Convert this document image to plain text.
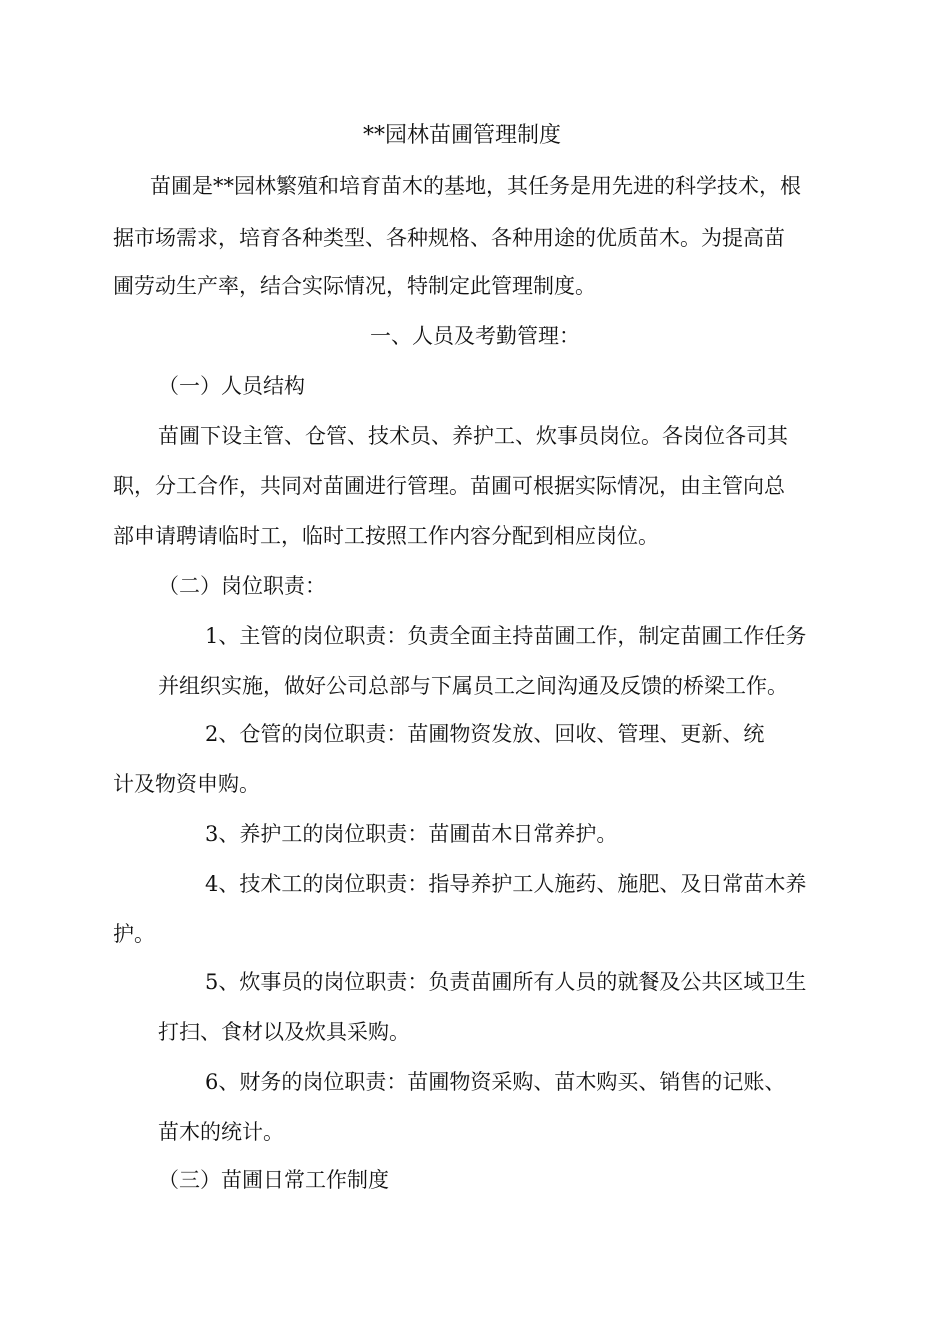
**园林苗圃管理制度
苗圃是**园林繁殖和培育苗木的基地，其任务是用先进的科学技术，根
据市场需求，培育各种类型、各种规格、各种用途的优质苗木。为提高苗
圃劳动生产率，结合实际情况，特制定此管理制度。
一、人员及考勤管理：
（一）人员结构
苗圃下设主管、仓管、技术员、养护工、炊事员岗位。各岗位各司其
职，分工合作，共同对苗圃进行管理。苗圃可根据实际情况，由主管向总
部申请聘请临时工，临时工按照工作内容分配到相应岗位。
（二）岗位职责：
1、主管的岗位职责：负责全面主持苗圃工作，制定苗圃工作任务
并组织实施，做好公司总部与下属员工之间沟通及反馈的桥梁工作。
2、仓管的岗位职责：苗圃物资发放、回收、管理、更新、统
计及物资申购。
3、养护工的岗位职责：苗圃苗木日常养护。
4、技术工的岗位职责：指导养护工人施药、施肥、及日常苗木养
护。
5、炊事员的岗位职责：负责苗圃所有人员的就餐及公共区域卫生
打扫、食材以及炊具采购。
6、财务的岗位职责：苗圃物资采购、苗木购买、销售的记账、
苗木的统计。
（三）苗圃日常工作制度
